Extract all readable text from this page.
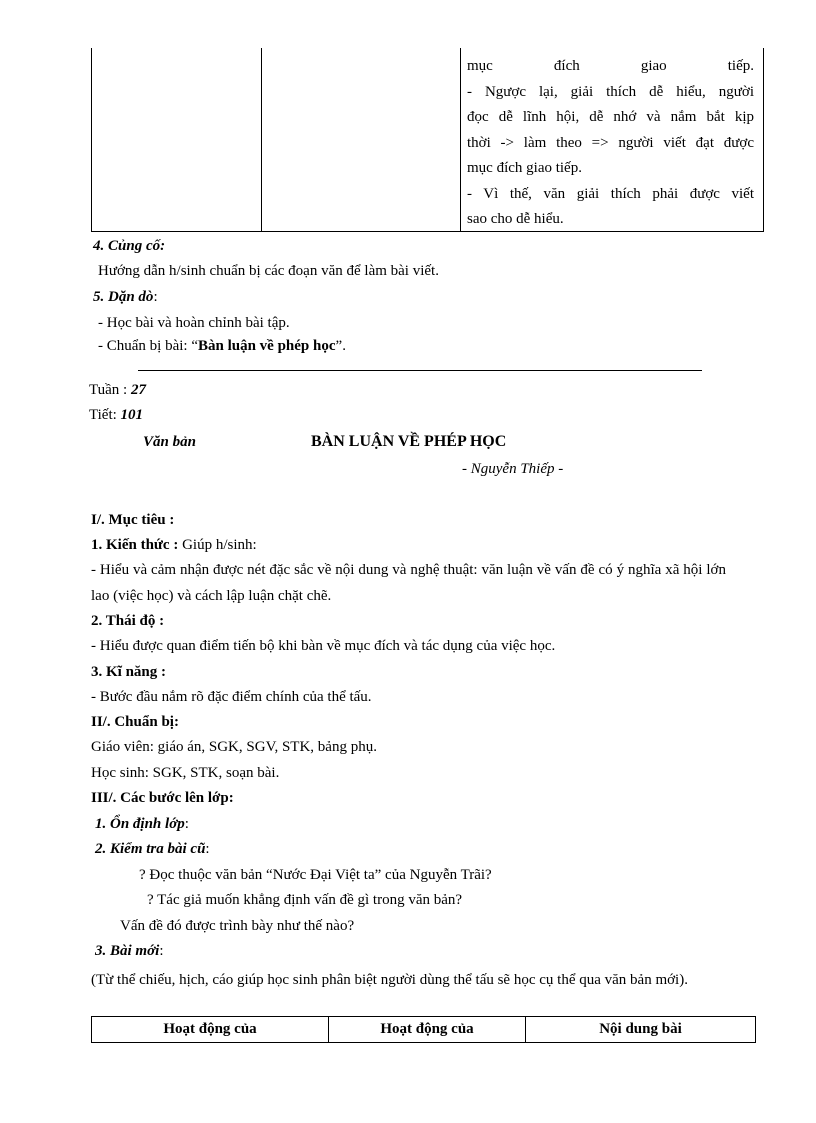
mục đích giao tiếp.

- Ngược lại, giải thích dễ hiểu, người

đọc dễ lĩnh hội, dễ nhớ và nắm bắt kịp

thời -> làm theo => người viết đạt được

mục đích giao tiếp.

- Vì thế, văn giải thích phải được viết

sao cho dễ hiểu.

4. Củng cố:
Hướng dẫn h/sinh chuẩn bị các đoạn văn để làm bài viết.
5. Dặn dò:
- Học bài và hoàn chỉnh bài tập.
- Chuẩn bị bài: “Bàn luận về phép học”.
Tuần : 27
Tiết: 101
Văn bản	BÀN LUẬN VỀ PHÉP HỌC
- Nguyễn Thiếp -
I/. Mục tiêu :
1. Kiến thức : Giúp h/sinh:
- Hiểu và cảm nhận được nét đặc sắc về nội dung và nghệ thuật: văn luận về vấn đề có ý nghĩa xã hội lớn lao (việc học) và cách lập luận chặt chẽ.
2. Thái độ :
- Hiểu được quan điểm tiến bộ khi bàn về mục đích và tác dụng của việc học.
3. Kĩ năng :
- Bước đầu nắm rõ đặc điểm chính của thể tấu.
II/. Chuẩn bị:
Giáo viên: giáo án, SGK, SGV, STK, bảng phụ.
Học sinh: SGK, STK, soạn bài.
III/. Các bước lên lớp:
1. Ổn định lớp:
2. Kiểm tra bài cũ:
? Đọc thuộc văn bản “Nước Đại Việt ta” của Nguyễn Trãi?
? Tác giả muốn khẳng định vấn đề gì trong văn bản?
Vấn đề đó được trình bày như thế nào?
3. Bài mới:
(Từ thể chiếu, hịch, cáo giúp học sinh phân biệt người dùng thể tấu sẽ học cụ thể qua văn bản mới).
Hoạt động của	Hoạt động của	Nội dung bài
